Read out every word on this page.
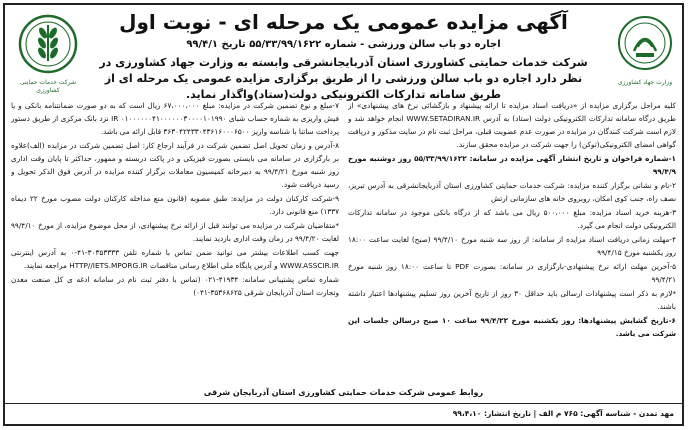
وزارت جهاد کشاورزی
آگهی مزایده عمومی یک مرحله ای - نوبت اول
اجاره دو باب سالن ورزشی - شماره ۵۵/۳۳/۹۹/۱۶۲۲ تاریخ ۹۹/۴/۱
شرکت خدمات حمایتی کشاورزی استان آذربایجانشرقی وابسته به وزارت جهاد کشاورزی در نظر دارد اجاره دو باب سالن ورزشی را از طریق برگزاری مزایده عمومی یک مرحله ای از طریق سامانه تدارکات الکترونیکی دولت(ستاد)واگذار نماید.
شرکت خدمات حمایتی کشاورزی

کلیه مراحل برگزاری مزایده از «دریافت اسناد مزایده تا ارائه پیشنهاد و بازگشائی نرخ های پیشنهادی» از طریق درگاه سامانه تدارکات الکترونیکی دولت (ستاد) به آدرس WWW.SETADIRAN.IR انجام خواهد شد و لازم است شرکت کنندگان در مزایده در صورت عدم عضویت قبلی، مراحل ثبت نام در سایت مذکور و دریافت گواهی امضای الکترونیکی(توکن) را جهت شرکت در مزایده محقق سازند.

۱-شماره فراخوان و تاریخ انتشار آگهی مزایده در سامانه: ۵۵/۳۳/۹۹/۱۶۲۲ روز دوشنبه مورخ ۹۹/۴/۹

۲-نام و نشانی برگزار کننده مزایده: شرکت خدمات حمایتی کشاورزی استان آذربایجانشرقی به آدرس تبریز، نصف راه، جنب کوی امکان، روبروی خانه های سازمانی ارتش

۳-هزینه خرید اسناد مزایده: مبلغ ۵۰۰،۰۰۰ ریال می باشد که از درگاه بانکی موجود در سامانه تدارکات الکترونیکی دولت انجام می گیرد.

۴-مهلت زمانی دریافت اسناد مزایده از سامانه: از روز سه شنبه مورخ ۹۹/۴/۱۰ (صبح) لغایت ساعت ۱۸:۰۰ روز یکشنبه مورخ ۹۹/۴/۱۵

۵-آخرین مهلت ارائه نرخ پیشنهادی-بارگزاری در سامانه: بصورت PDF تا ساعت ۱۸:۰۰ روز شنبه مورخ ۹۹/۴/۲۱

*لازم به ذکر است پیشنهادات ارسالی باید حداقل ۳۰ روز از تاریخ آخرین روز تسلیم پیشنهادها اعتبار داشته باشند.

۶-تاریخ گشایش پیشنهادها: روز یکشنبه مورخ ۹۹/۴/۲۲ ساعت ۱۰ صبح درسالن جلسات این شرکت می باشد.

۷-مبلغ و نوع تضمین شرکت در مزایده: مبلغ ۶۷،۰۰۰،۰۰۰ ریال است که به دو صورت ضمانتنامه بانکی و یا فیش واریزی به شماره حساب شبای IR ۰۱۰۰۰۰۰۰۴۱۰۰۰۰۰۰۳۰۰۰۰۱۰۱۹۹۰ نزد بانک مرکزی از طریق دستور پرداخت ساتنا با شناسه واریز ۳۶۳۰۴۲۴۳۳۰۴۳۶۱۶۰۰۰۶۵۰۰ قابل ارائه می باشد.

۸-آدرس و زمان تحویل اصل تضمین شرکت در فرآیند ارجاع کار: اصل تضمین شرکت در مزایده (الف)علاوه بر بارگزاری در سامانه می بایستی بصورت فیزیکی و در پاکت دربسته و ممهور، حداکثر تا پایان وقت اداری روز شنبه مورخ ۹۹/۴/۲۱ به دبیرخانه کمیسیون معاملات برگزار کننده مزایده در آدرس فوق الذکر تحویل و رسید دریافت شود.

۹-شرکت کارکنان دولت در مزایده: طبق مصوبه (قانون منع مداخله کارکنان دولت مصوب مورخ ۲۲ دیماه ۱۳۳۷) منع قانونی دارد.

*متقاضیان شرکت در مزایده می توانند قبل از ارائه نرخ پیشنهادی، از محل موضوع مزایده، از مورخ ۹۹/۴/۱۰ لغایت ۹۹/۴/۲۰ در زمان وقت اداری بازدید نمایند.

جهت کسب اطلاعات بیشتر می توانید ضمن تماس با شماره تلفن ۳۰۳۵۳۳۳۳-۴۱-۰ به آدرس اینترنتی WWW.ASSCIR.IR و آدرس پایگاه ملی اطلاع رسانی مناقصات HTTP//IETS.MPORG.IR مراجعه نمایند.

شماره تماس پشتیبانی سامانه: ۴۱۹۳۴-۰۲۱ (تماس با دفتر ثبت نام در سامانه ادغه ی کل صنعت معدن وتجارت استان آذربایجان شرقی ۳۵۳۶۸۶۲۵-۰۴۱)

روابط عمومی شرکت خدمات حمایتی کشاورزی استان آذربایجان شرقی
مهد تمدن - شناسه آگهی: ۷۶۵ م الف | تاریخ انتشار: ۹۹،۴،۱۰
